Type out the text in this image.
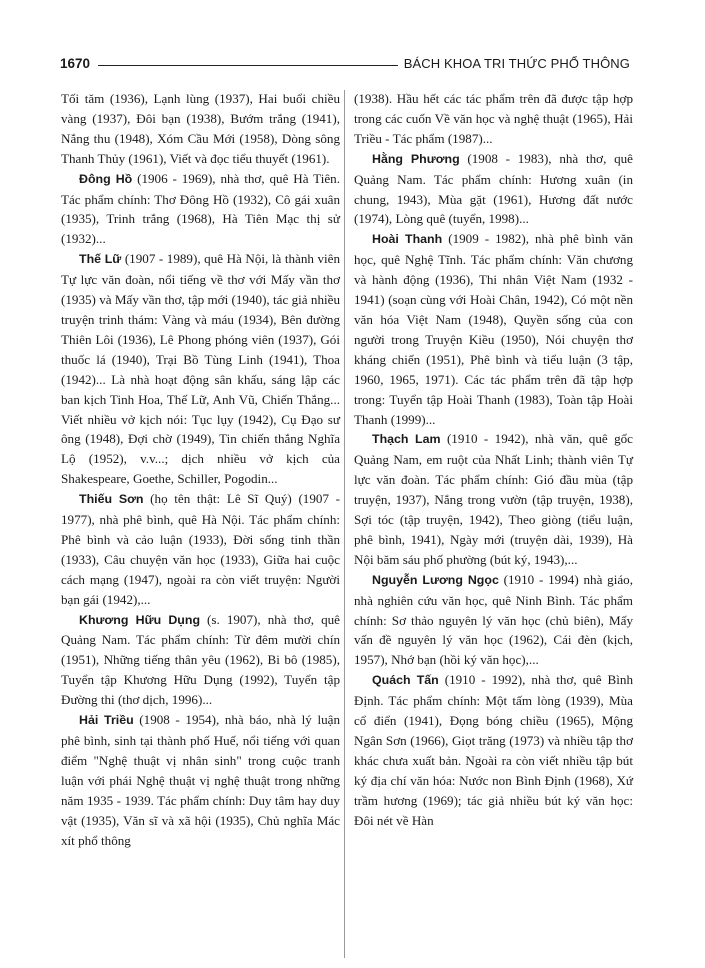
1670	BÁCH KHOA TRI THỨC PHỔ THÔNG

Tối tăm (1936), Lạnh lùng (1937), Hai buổi chiều vàng (1937), Đôi bạn (1938), Bướm trắng (1941), Nắng thu (1948), Xóm Cầu Mới (1958), Dòng sông Thanh Thủy (1961), Viết và đọc tiểu thuyết (1961).

Đông Hồ (1906 - 1969), nhà thơ, quê Hà Tiên. Tác phẩm chính: Thơ Đông Hồ (1932), Cô gái xuân (1935), Trinh trắng (1968), Hà Tiên Mạc thị sử (1932)...

Thế Lữ (1907 - 1989), quê Hà Nội, là thành viên Tự lực văn đoàn, nổi tiếng về thơ với Mấy vần thơ (1935) và Mấy vần thơ, tập mới (1940), tác giả nhiều truyện trinh thám: Vàng và máu (1934), Bên đường Thiên Lôi (1936), Lê Phong phóng viên (1937), Gói thuốc lá (1940), Trại Bồ Tùng Linh (1941), Thoa (1942)... Là nhà hoạt động sân khấu, sáng lập các ban kịch Tinh Hoa, Thế Lữ, Anh Vũ, Chiến Thắng... Viết nhiều vở kịch nói: Tục lụy (1942), Cụ Đạo sư ông (1948), Đợi chờ (1949), Tin chiến thắng Nghĩa Lộ (1952), v.v...; dịch nhiều vở kịch của Shakespeare, Goethe, Schiller, Pogodin...

Thiếu Sơn (họ tên thật: Lê Sĩ Quý) (1907 - 1977), nhà phê bình, quê Hà Nội. Tác phẩm chính: Phê bình và cảo luận (1933), Đời sống tinh thần (1933), Câu chuyện văn học (1933), Giữa hai cuộc cách mạng (1947), ngoài ra còn viết truyện: Người bạn gái (1942),...

Khương Hữu Dụng (s. 1907), nhà thơ, quê Quảng Nam. Tác phẩm chính: Từ đêm mười chín (1951), Những tiếng thân yêu (1962), Bi bô (1985), Tuyển tập Khương Hữu Dụng (1992), Tuyển tập Đường thi (thơ dịch, 1996)...

Hải Triều (1908 - 1954), nhà báo, nhà lý luận phê bình, sinh tại thành phố Huế, nổi tiếng với quan điểm "Nghệ thuật vị nhân sinh" trong cuộc tranh luận với phái Nghệ thuật vị nghệ thuật trong những năm 1935 - 1939. Tác phẩm chính: Duy tâm hay duy vật (1935), Văn sĩ và xã hội (1935), Chủ nghĩa Mác xít phổ thông

(1938). Hầu hết các tác phẩm trên đã được tập hợp trong các cuốn Về văn học và nghệ thuật (1965), Hải Triều - Tác phẩm (1987)...

Hằng Phương (1908 - 1983), nhà thơ, quê Quảng Nam. Tác phẩm chính: Hương xuân (in chung, 1943), Mùa gặt (1961), Hương đất nước (1974), Lòng quê (tuyển, 1998)...

Hoài Thanh (1909 - 1982), nhà phê bình văn học, quê Nghệ Tĩnh. Tác phẩm chính: Văn chương và hành động (1936), Thi nhân Việt Nam (1932 - 1941) (soạn cùng với Hoài Chân, 1942), Có một nền văn hóa Việt Nam (1948), Quyền sống của con người trong Truyện Kiều (1950), Nói chuyện thơ kháng chiến (1951), Phê bình và tiểu luận (3 tập, 1960, 1965, 1971). Các tác phẩm trên đã tập hợp trong: Tuyển tập Hoài Thanh (1983), Toàn tập Hoài Thanh (1999)...

Thạch Lam (1910 - 1942), nhà văn, quê gốc Quảng Nam, em ruột của Nhất Linh; thành viên Tự lực văn đoàn. Tác phẩm chính: Gió đầu mùa (tập truyện, 1937), Nắng trong vườn (tập truyện, 1938), Sợi tóc (tập truyện, 1942), Theo giòng (tiểu luận, phê bình, 1941), Ngày mới (truyện dài, 1939), Hà Nội băm sáu phố phường (bút ký, 1943),...

Nguyễn Lương Ngọc (1910 - 1994) nhà giáo, nhà nghiên cứu văn học, quê Ninh Bình. Tác phẩm chính: Sơ thảo nguyên lý văn học (chủ biên), Mấy vấn đề nguyên lý văn học (1962), Cái đèn (kịch, 1957), Nhớ bạn (hồi ký văn học),...

Quách Tấn (1910 - 1992), nhà thơ, quê Bình Định. Tác phẩm chính: Một tấm lòng (1939), Mùa cổ điển (1941), Đọng bóng chiều (1965), Mộng Ngân Sơn (1966), Giọt trăng (1973) và nhiều tập thơ khác chưa xuất bản. Ngoài ra còn viết nhiều tập bút ký địa chí văn hóa: Nước non Bình Định (1968), Xứ trầm hương (1969); tác giả nhiều bút ký văn học: Đôi nét về Hàn
